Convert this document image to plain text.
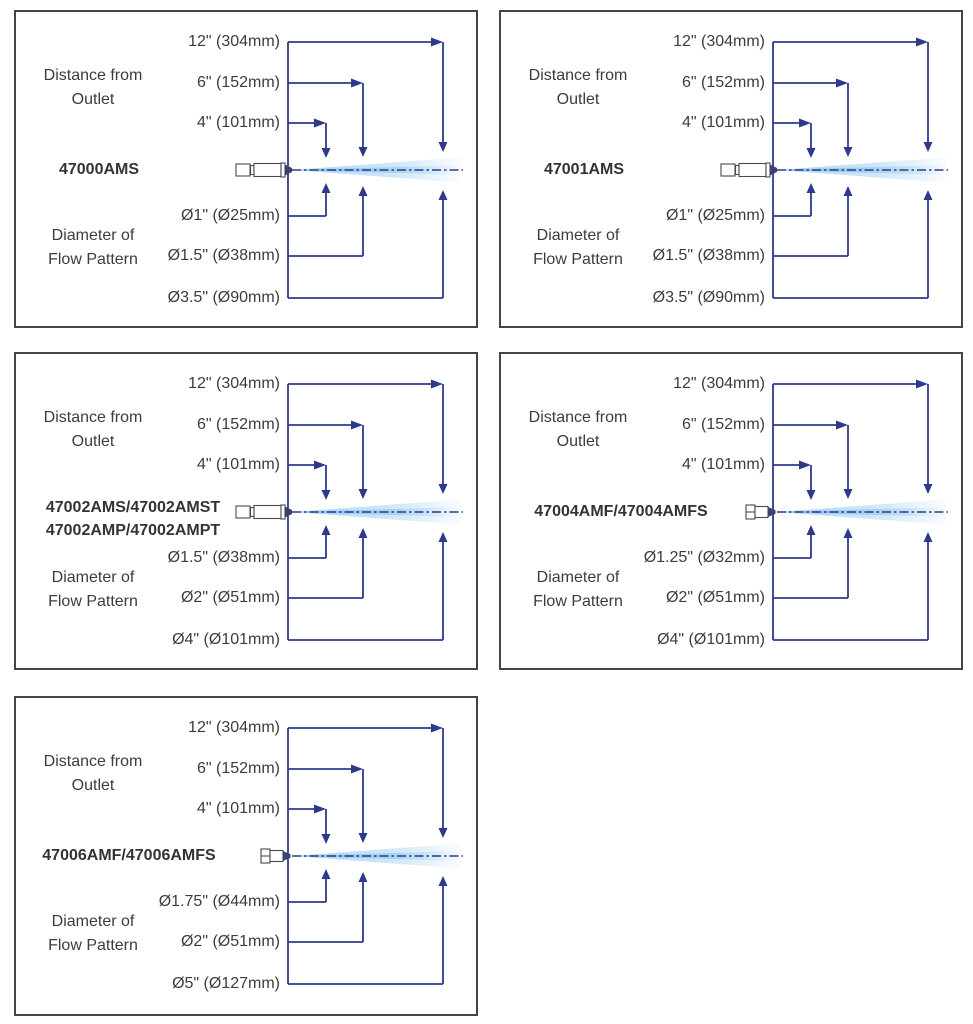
Distance from
Outlet
12" (304mm)
6" (152mm)
4" (101mm)
47000AMS
Diameter of
Flow Pattern
Ø1" (Ø25mm)
Ø1.5" (Ø38mm)
Ø3.5" (Ø90mm)
Distance from
Outlet
12" (304mm)
6" (152mm)
4" (101mm)
47001AMS
Diameter of
Flow Pattern
Ø1" (Ø25mm)
Ø1.5" (Ø38mm)
Ø3.5" (Ø90mm)
Distance from
Outlet
12" (304mm)
6" (152mm)
4" (101mm)
47002AMS/47002AMST
47002AMP/47002AMPT
Diameter of
Flow Pattern
Ø1.5" (Ø38mm)
Ø2" (Ø51mm)
Ø4" (Ø101mm)
Distance from
Outlet
12" (304mm)
6" (152mm)
4" (101mm)
47004AMF/47004AMFS
Diameter of
Flow Pattern
Ø1.25" (Ø32mm)
Ø2" (Ø51mm)
Ø4" (Ø101mm)
Distance from
Outlet
12" (304mm)
6" (152mm)
4" (101mm)
47006AMF/47006AMFS
Diameter of
Flow Pattern
Ø1.75" (Ø44mm)
Ø2" (Ø51mm)
Ø5" (Ø127mm)
